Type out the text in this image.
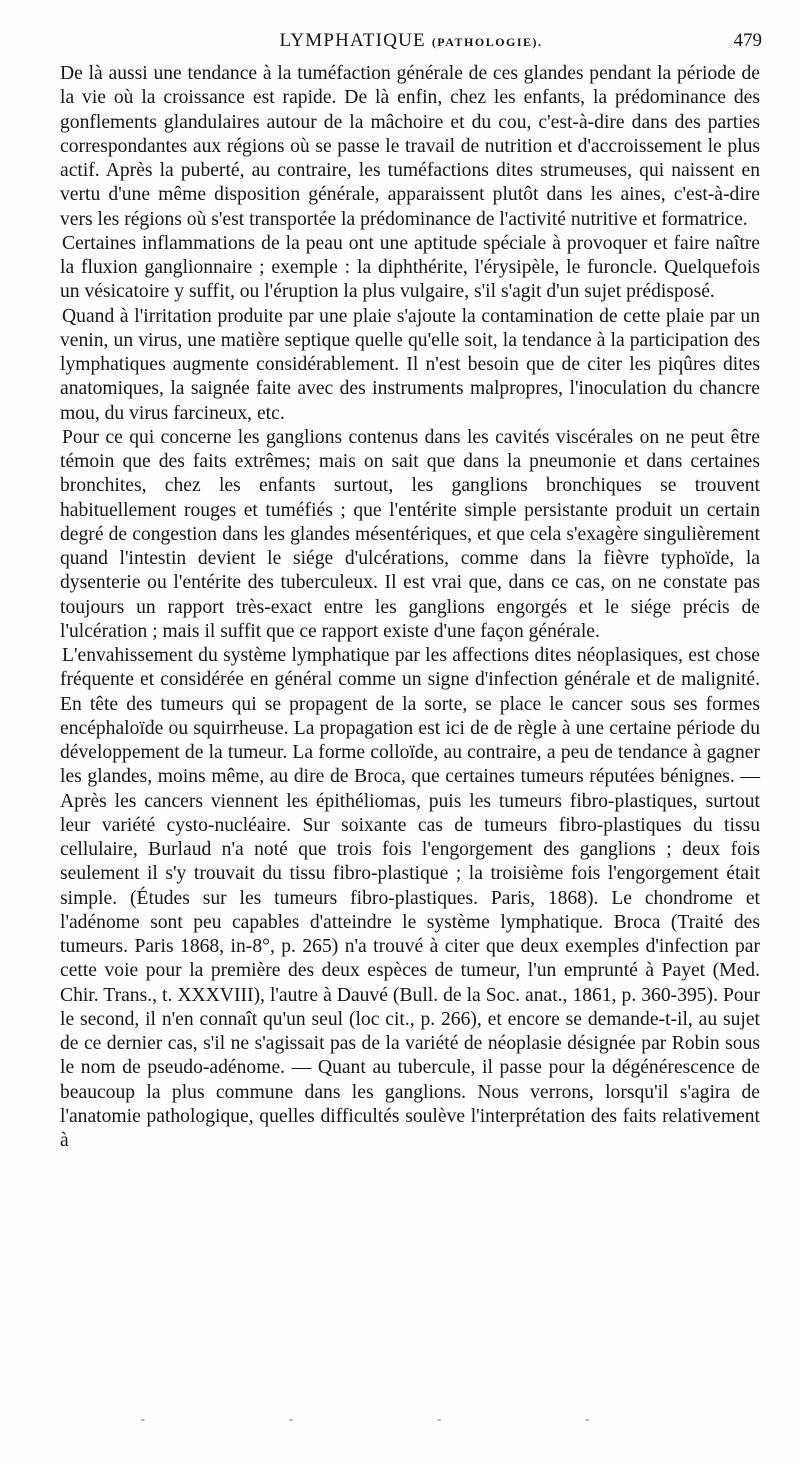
LYMPHATIQUE (PATHOLOGIE).	479

De là aussi une tendance à la tuméfaction générale de ces glandes pendant la période de la vie où la croissance est rapide. De là enfin, chez les enfants, la prédominance des gonflements glandulaires autour de la mâchoire et du cou, c'est-à-dire dans des parties correspondantes aux régions où se passe le travail de nutrition et d'accroissement le plus actif. Après la puberté, au contraire, les tuméfactions dites strumeuses, qui naissent en vertu d'une même disposition générale, apparaissent plutôt dans les aines, c'est-à-dire vers les régions où s'est transportée la prédominance de l'activité nutritive et formatrice.

Certaines inflammations de la peau ont une aptitude spéciale à provoquer et faire naître la fluxion ganglionnaire ; exemple : la diphthérite, l'érysipèle, le furoncle. Quelquefois un vésicatoire y suffit, ou l'éruption la plus vulgaire, s'il s'agit d'un sujet prédisposé.

Quand à l'irritation produite par une plaie s'ajoute la contamination de cette plaie par un venin, un virus, une matière septique quelle qu'elle soit, la tendance à la participation des lymphatiques augmente considérablement. Il n'est besoin que de citer les piqûres dites anatomiques, la saignée faite avec des instruments malpropres, l'inoculation du chancre mou, du virus farcineux, etc.

Pour ce qui concerne les ganglions contenus dans les cavités viscérales on ne peut être témoin que des faits extrêmes; mais on sait que dans la pneumonie et dans certaines bronchites, chez les enfants surtout, les ganglions bronchiques se trouvent habituellement rouges et tuméfiés ; que l'entérite simple persistante produit un certain degré de congestion dans les glandes mésentériques, et que cela s'exagère singulièrement quand l'intestin devient le siége d'ulcérations, comme dans la fièvre typhoïde, la dysenterie ou l'entérite des tuberculeux. Il est vrai que, dans ce cas, on ne constate pas toujours un rapport très-exact entre les ganglions engorgés et le siége précis de l'ulcération ; mais il suffit que ce rapport existe d'une façon générale.

L'envahissement du système lymphatique par les affections dites néoplasiques, est chose fréquente et considérée en général comme un signe d'infection générale et de malignité. En tête des tumeurs qui se propagent de la sorte, se place le cancer sous ses formes encéphaloïde ou squirrheuse. La propagation est ici de de règle à une certaine période du développement de la tumeur. La forme colloïde, au contraire, a peu de tendance à gagner les glandes, moins même, au dire de Broca, que certaines tumeurs réputées bénignes. — Après les cancers viennent les épithéliomas, puis les tumeurs fibro-plastiques, surtout leur variété cysto-nucléaire. Sur soixante cas de tumeurs fibro-plastiques du tissu cellulaire, Burlaud n'a noté que trois fois l'engorgement des ganglions ; deux fois seulement il s'y trouvait du tissu fibro-plastique ; la troisième fois l'engorgement était simple. (Études sur les tumeurs fibro-plastiques. Paris, 1868). Le chondrome et l'adénome sont peu capables d'atteindre le système lymphatique. Broca (Traité des tumeurs. Paris 1868, in-8°, p. 265) n'a trouvé à citer que deux exemples d'infection par cette voie pour la première des deux espèces de tumeur, l'un emprunté à Payet (Med. Chir. Trans., t. XXXVIII), l'autre à Dauvé (Bull. de la Soc. anat., 1861, p. 360-395). Pour le second, il n'en connaît qu'un seul (loc cit., p. 266), et encore se demande-t-il, au sujet de ce dernier cas, s'il ne s'agissait pas de la variété de néoplasie désignée par Robin sous le nom de pseudo-adénome. — Quant au tubercule, il passe pour la dégénérescence de beaucoup la plus commune dans les ganglions. Nous verrons, lorsqu'il s'agira de l'anatomie pathologique, quelles difficultés soulève l'interprétation des faits relativement à

- - - -
